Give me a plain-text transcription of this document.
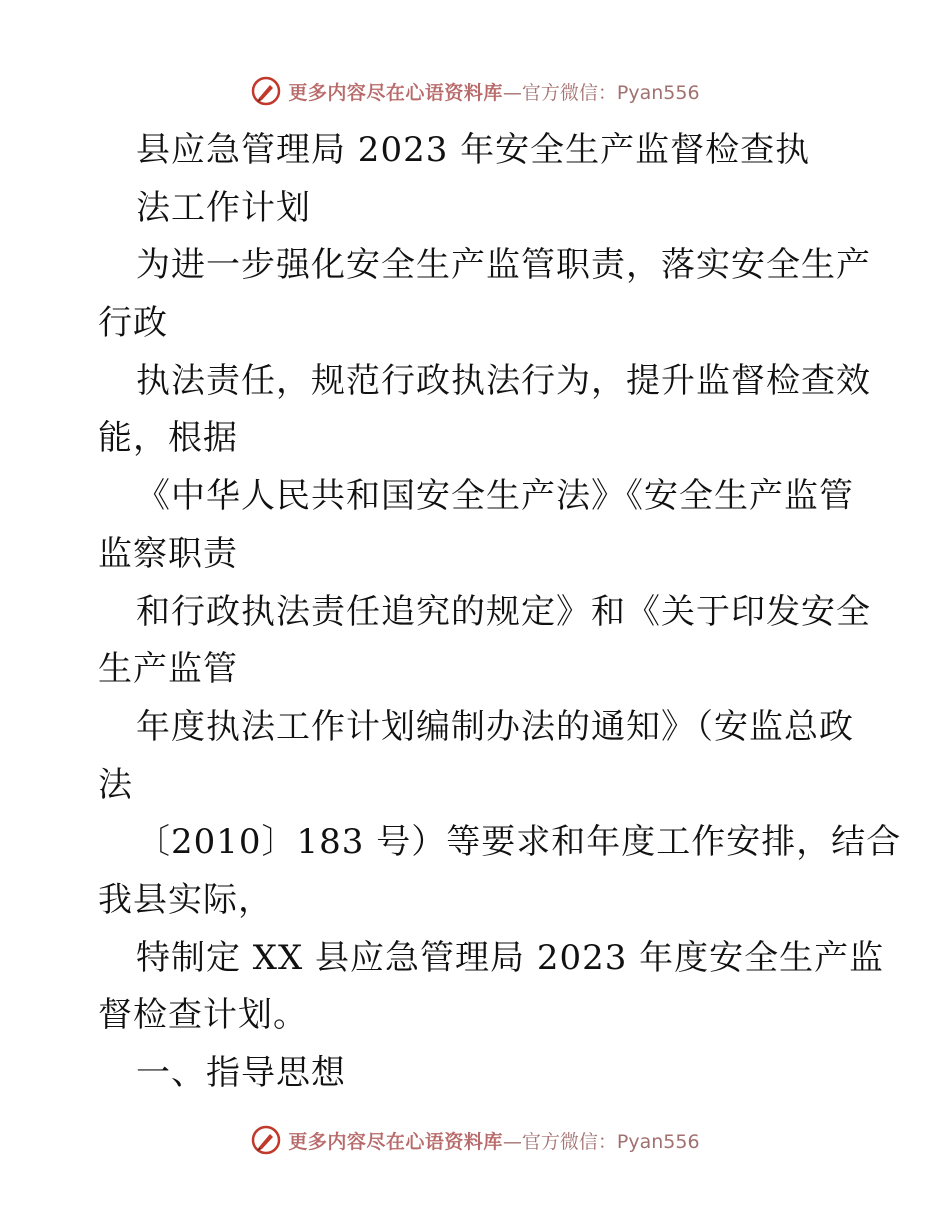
更多内容尽在心语资料库 —官方微信：Pyan556
县应急管理局 2023 年安全生产监督检查执
法工作计划
为进一步强化安全生产监管职责，落实安全生产
行政
执法责任，规范行政执法行为，提升监督检查效
能，根据
《中华人民共和国安全生产法》《安全生产监管
监察职责
和行政执法责任追究的规定》和《关于印发安全
生产监管
年度执法工作计划编制办法的通知》（安监总政
法
〔2010〕183 号）等要求和年度工作安排，结合
我县实际，
特制定 XX 县应急管理局 2023 年度安全生产监
督检查计划。
一、指导思想
更多内容尽在心语资料库 —官方微信：Pyan556
